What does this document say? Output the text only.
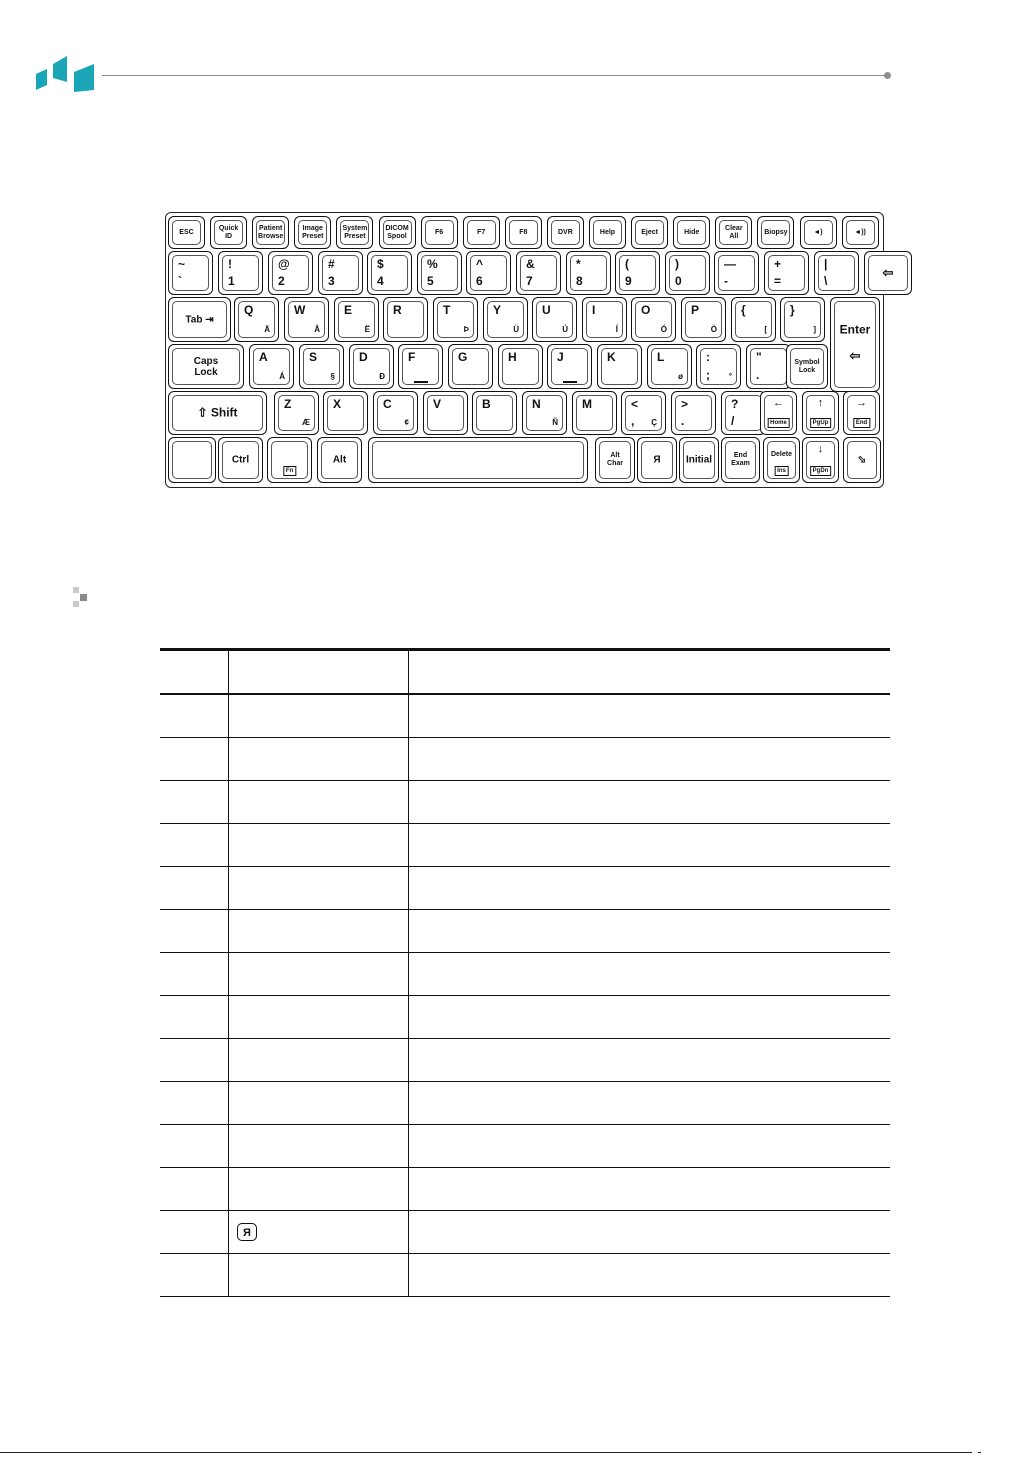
ESC
Quick
ID
Patient
Browse
Image
Preset
System
Preset
DICOM
Spool
F6	F7	F8	DVR	Help	Eject	Hide
Clear
All
Biopsy	◄)	◄))
~
`
!
1
@
2
#
3
$
4
%
5
^
6
&
7
*
8
(
9
)
0
—
-
+
=
|
\
⇦
Tab ⇥
Q
Ä
W
Å
E
Ë
R	T
Þ
Y
Ü
U
Ú
I
Í
O
Ó
P
Ö
{
[
}
]	Enter
⇦
Caps
Lock
A
Á
S
§
D
Ð
F	G	H	J	K	L
ø
:
°
;
"
.
Symbol
Lock
⇧ Shift
Z
Æ
X	C
¢
V	B	N
Ñ
M	<
Ç
,
>
.
?
/
←
Home
↑
PgUp
→
End
Ctrl
Fn
Alt	Alt
Char	Я	Initial	End
Exam
Delete
Ins
↓
PgDn
⬂

	Я	
